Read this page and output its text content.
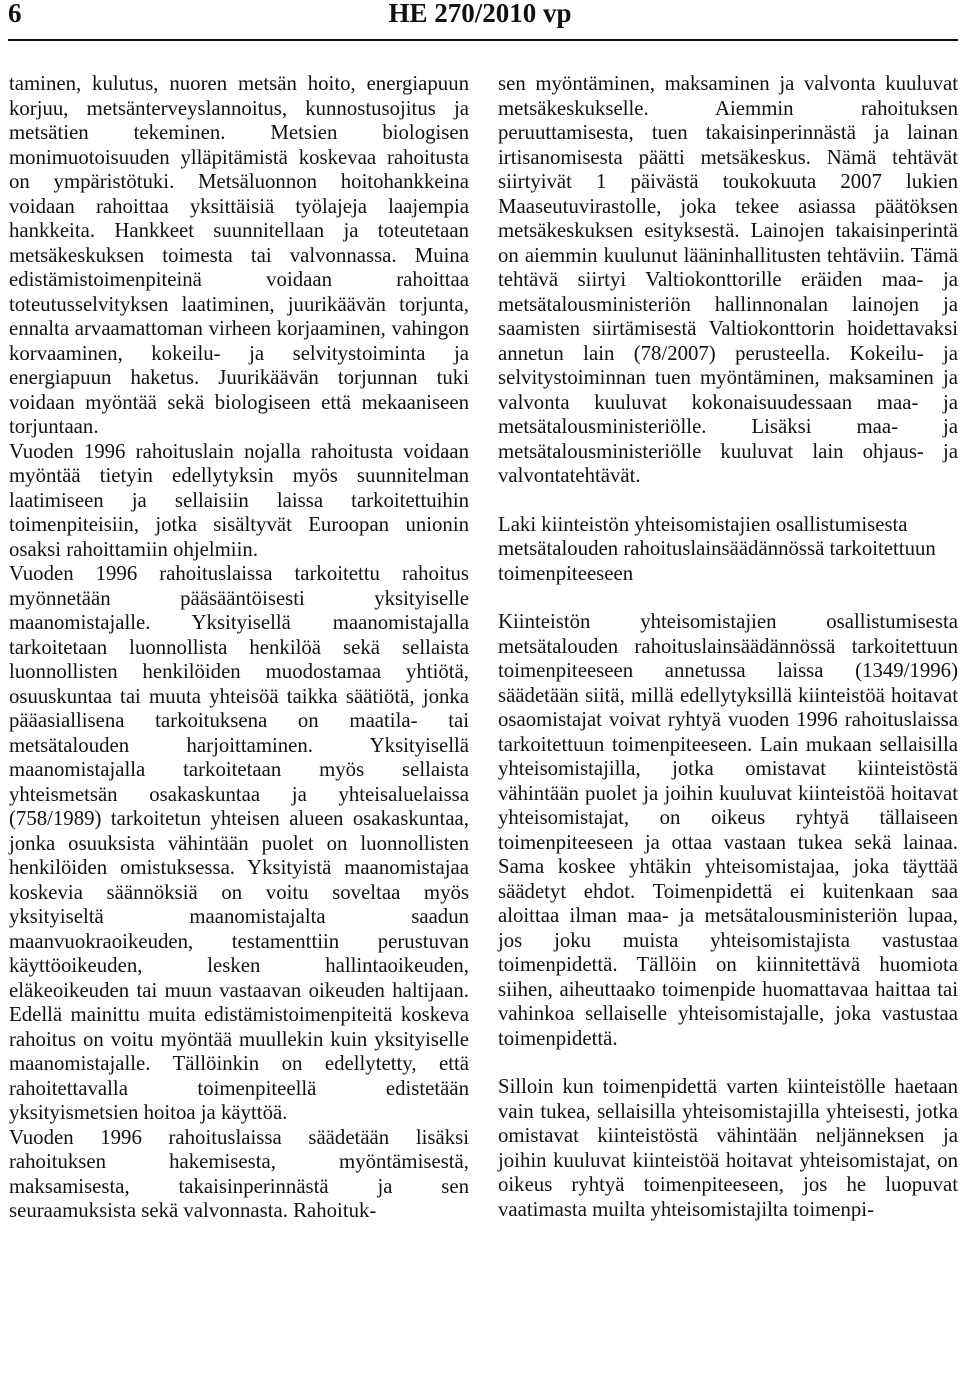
6	HE 270/2010 vp

taminen, kulutus, nuoren metsän hoito, energiapuun korjuu, metsänterveyslannoitus, kunnostusojitus ja metsätien tekeminen. Metsien biologisen monimuotoisuuden ylläpitämistä koskevaa rahoitusta on ympäristötuki. Metsäluonnon hoitohankkeina voidaan rahoittaa yksittäisiä työlajeja laajempia hankkeita. Hankkeet suunnitellaan ja toteutetaan metsäkeskuksen toimesta tai valvonnassa. Muina edistämistoimenpiteinä voidaan rahoittaa toteutusselvityksen laatiminen, juurikäävän torjunta, ennalta arvaamattoman virheen korjaaminen, vahingon korvaaminen, kokeilu- ja selvitystoiminta ja energiapuun haketus. Juurikäävän torjunnan tuki voidaan myöntää sekä biologiseen että mekaaniseen torjuntaan.

Vuoden 1996 rahoituslain nojalla rahoitusta voidaan myöntää tietyin edellytyksin myös suunnitelman laatimiseen ja sellaisiin laissa tarkoitettuihin toimenpiteisiin, jotka sisältyvät Euroopan unionin osaksi rahoittamiin ohjelmiin.

Vuoden 1996 rahoituslaissa tarkoitettu rahoitus myönnetään pääsääntöisesti yksityiselle maanomistajalle. Yksityisellä maanomistajalla tarkoitetaan luonnollista henkilöä sekä sellaista luonnollisten henkilöiden muodostamaa yhtiötä, osuuskuntaa tai muuta yhteisöä taikka säätiötä, jonka pääasiallisena tarkoituksena on maatila- tai metsätalouden harjoittaminen. Yksityisellä maanomistajalla tarkoitetaan myös sellaista yhteismetsän osakaskuntaa ja yhteisaluelaissa (758/1989) tarkoitetun yhteisen alueen osakaskuntaa, jonka osuuksista vähintään puolet on luonnollisten henkilöiden omistuksessa. Yksityistä maanomistajaa koskevia säännöksiä on voitu soveltaa myös yksityiseltä maanomistajalta saadun maanvuokraoikeuden, testamenttiin perustuvan käyttöoikeuden, lesken hallintaoikeuden, eläkeoikeuden tai muun vastaavan oikeuden haltijaan. Edellä mainittu muita edistämistoimenpiteitä koskeva rahoitus on voitu myöntää muullekin kuin yksityiselle maanomistajalle. Tällöinkin on edellytetty, että rahoitettavalla toimenpiteellä edistetään yksityismetsien hoitoa ja käyttöä.

Vuoden 1996 rahoituslaissa säädetään lisäksi rahoituksen hakemisesta, myöntämisestä, maksamisesta, takaisinperinnästä ja sen seuraamuksista sekä valvonnasta. Rahoituk-

sen myöntäminen, maksaminen ja valvonta kuuluvat metsäkeskukselle. Aiemmin rahoituksen peruuttamisesta, tuen takaisinperinnästä ja lainan irtisanomisesta päätti metsäkeskus. Nämä tehtävät siirtyivät 1 päivästä toukokuuta 2007 lukien Maaseutuvirastolle, joka tekee asiassa päätöksen metsäkeskuksen esityksestä. Lainojen takaisinperintä on aiemmin kuulunut lääninhallitusten tehtäviin. Tämä tehtävä siirtyi Valtiokonttorille eräiden maa- ja metsätalousministeriön hallinnonalan lainojen ja saamisten siirtämisestä Valtiokonttorin hoidettavaksi annetun lain (78/2007) perusteella. Kokeilu- ja selvitystoiminnan tuen myöntäminen, maksaminen ja valvonta kuuluvat kokonaisuudessaan maa- ja metsätalousministeriölle. Lisäksi maa- ja metsätalousministeriölle kuuluvat lain ohjaus- ja valvontatehtävät.

Laki kiinteistön yhteisomistajien osallistumisesta metsätalouden rahoituslainsäädännössä tarkoitettuun toimenpiteeseen

Kiinteistön yhteisomistajien osallistumisesta metsätalouden rahoituslainsäädännössä tarkoitettuun toimenpiteeseen annetussa laissa (1349/1996) säädetään siitä, millä edellytyksillä kiinteistöä hoitavat osaomistajat voivat ryhtyä vuoden 1996 rahoituslaissa tarkoitettuun toimenpiteeseen. Lain mukaan sellaisilla yhteisomistajilla, jotka omistavat kiinteistöstä vähintään puolet ja joihin kuuluvat kiinteistöä hoitavat yhteisomistajat, on oikeus ryhtyä tällaiseen toimenpiteeseen ja ottaa vastaan tukea sekä lainaa. Sama koskee yhtäkin yhteisomistajaa, joka täyttää säädetyt ehdot. Toimenpidettä ei kuitenkaan saa aloittaa ilman maa- ja metsätalousministeriön lupaa, jos joku muista yhteisomistajista vastustaa toimenpidettä. Tällöin on kiinnitettävä huomiota siihen, aiheuttaako toimenpide huomattavaa haittaa tai vahinkoa sellaiselle yhteisomistajalle, joka vastustaa toimenpidettä.

Silloin kun toimenpidettä varten kiinteistölle haetaan vain tukea, sellaisilla yhteisomistajilla yhteisesti, jotka omistavat kiinteistöstä vähintään neljänneksen ja joihin kuuluvat kiinteistöä hoitavat yhteisomistajat, on oikeus ryhtyä toimenpiteeseen, jos he luopuvat vaatimasta muilta yhteisomistajilta toimenpi-
